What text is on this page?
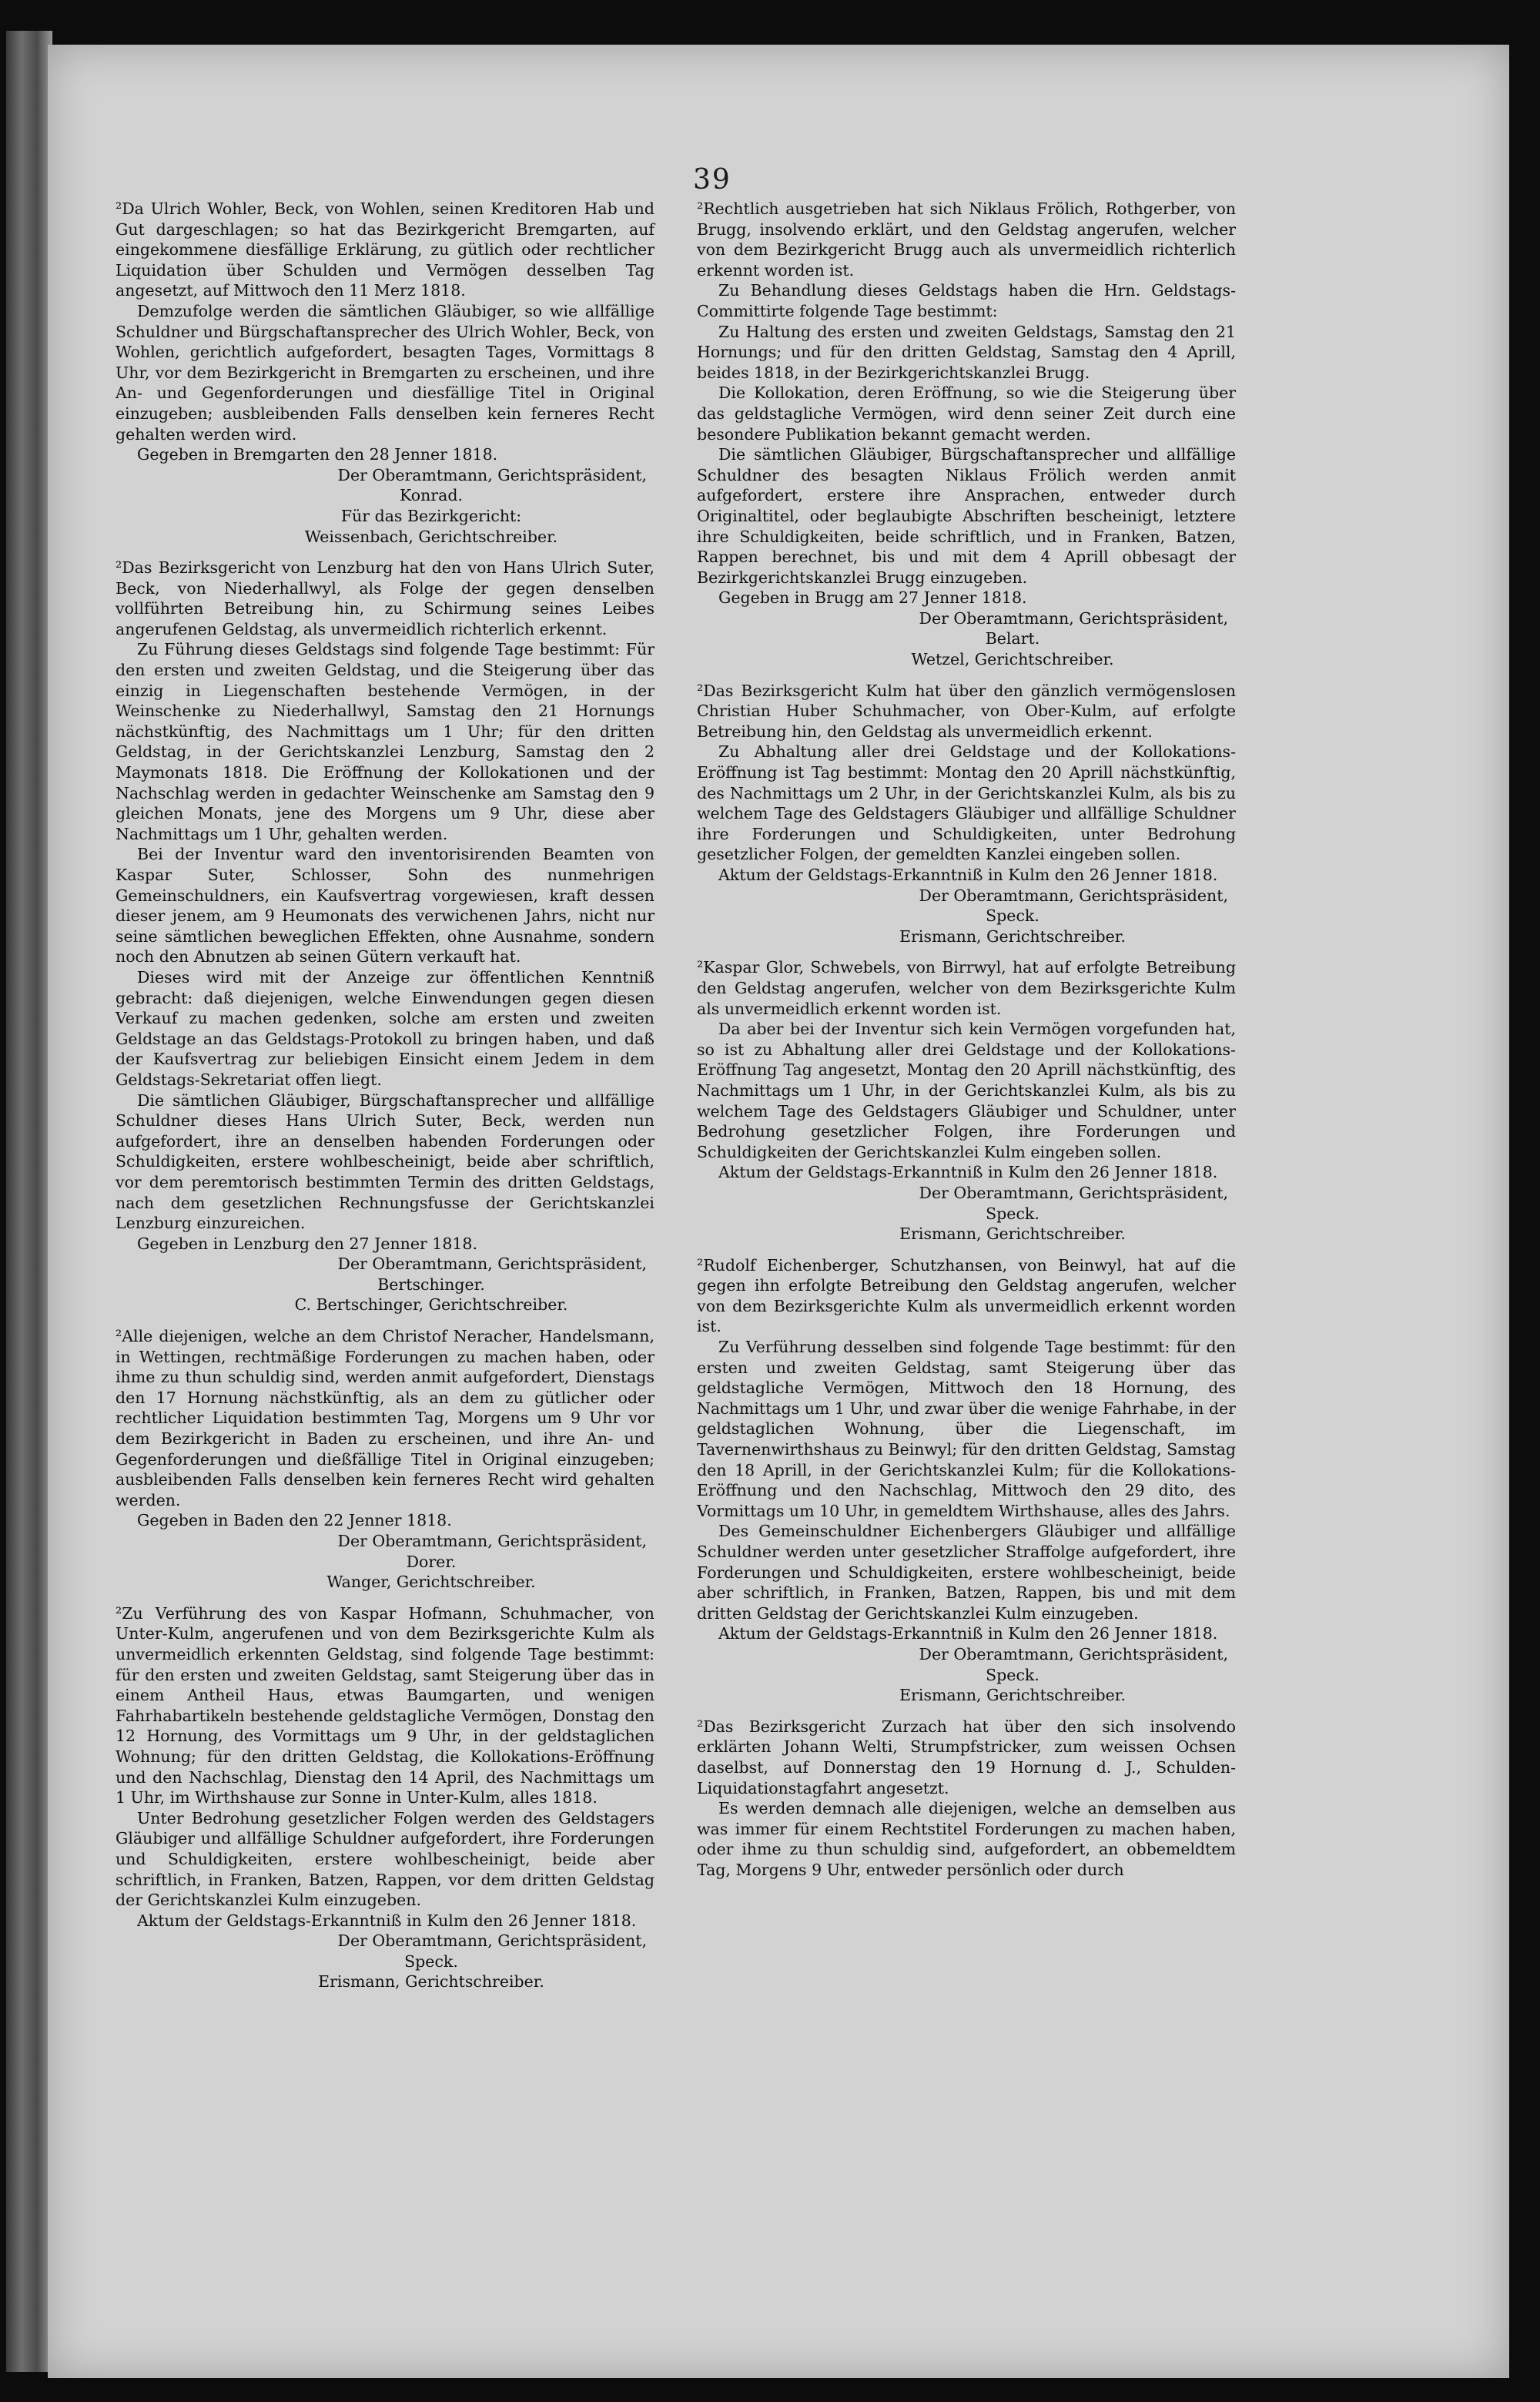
39

²Da Ulrich Wohler, Beck, von Wohlen, seinen Kreditoren Hab und Gut dargeschlagen; so hat das Bezirkgericht Bremgarten, auf eingekommene diesfällige Erklärung, zu gütlich oder rechtlicher Liquidation über Schulden und Vermögen desselben Tag angesetzt, auf Mittwoch den 11 Merz 1818.

Demzufolge werden die sämtlichen Gläubiger, so wie allfällige Schuldner und Bürgschaftansprecher des Ulrich Wohler, Beck, von Wohlen, gerichtlich aufgefordert, besagten Tages, Vormittags 8 Uhr, vor dem Bezirkgericht in Bremgarten zu erscheinen, und ihre An- und Gegenforderungen und diesfällige Titel in Original einzugeben; ausbleibenden Falls denselben kein ferneres Recht gehalten werden wird.

Gegeben in Bremgarten den 28 Jenner 1818.

Der Oberamtmann, Gerichtspräsident,

Konrad.

Für das Bezirkgericht:

Weissenbach, Gerichtschreiber.

²Das Bezirksgericht von Lenzburg hat den von Hans Ulrich Suter, Beck, von Niederhallwyl, als Folge der gegen denselben vollführten Betreibung hin, zu Schirmung seines Leibes angerufenen Geldstag, als unvermeidlich richterlich erkennt.

Zu Führung dieses Geldstags sind folgende Tage bestimmt: Für den ersten und zweiten Geldstag, und die Steigerung über das einzig in Liegenschaften bestehende Vermögen, in der Weinschenke zu Niederhallwyl, Samstag den 21 Hornungs nächstkünftig, des Nachmittags um 1 Uhr; für den dritten Geldstag, in der Gerichtskanzlei Lenzburg, Samstag den 2 Maymonats 1818. Die Eröffnung der Kollokationen und der Nachschlag werden in gedachter Weinschenke am Samstag den 9 gleichen Monats, jene des Morgens um 9 Uhr, diese aber Nachmittags um 1 Uhr, gehalten werden.

Bei der Inventur ward den inventorisirenden Beamten von Kaspar Suter, Schlosser, Sohn des nunmehrigen Gemeinschuldners, ein Kaufsvertrag vorgewiesen, kraft dessen dieser jenem, am 9 Heumonats des verwichenen Jahrs, nicht nur seine sämtlichen beweglichen Effekten, ohne Ausnahme, sondern noch den Abnutzen ab seinen Gütern verkauft hat.

Dieses wird mit der Anzeige zur öffentlichen Kenntniß gebracht: daß diejenigen, welche Einwendungen gegen diesen Verkauf zu machen gedenken, solche am ersten und zweiten Geldstage an das Geldstags-Protokoll zu bringen haben, und daß der Kaufsvertrag zur beliebigen Einsicht einem Jedem in dem Geldstags-Sekretariat offen liegt.

Die sämtlichen Gläubiger, Bürgschaftansprecher und allfällige Schuldner dieses Hans Ulrich Suter, Beck, werden nun aufgefordert, ihre an denselben habenden Forderungen oder Schuldigkeiten, erstere wohlbescheinigt, beide aber schriftlich, vor dem peremtorisch bestimmten Termin des dritten Geldstags, nach dem gesetzlichen Rechnungsfusse der Gerichtskanzlei Lenzburg einzureichen.

Gegeben in Lenzburg den 27 Jenner 1818.

Der Oberamtmann, Gerichtspräsident,

Bertschinger.

C. Bertschinger, Gerichtschreiber.

²Alle diejenigen, welche an dem Christof Neracher, Handelsmann, in Wettingen, rechtmäßige Forderungen zu machen haben, oder ihme zu thun schuldig sind, werden anmit aufgefordert, Dienstags den 17 Hornung nächstkünftig, als an dem zu gütlicher oder rechtlicher Liquidation bestimmten Tag, Morgens um 9 Uhr vor dem Bezirkgericht in Baden zu erscheinen, und ihre An- und Gegenforderungen und dießfällige Titel in Original einzugeben; ausbleibenden Falls denselben kein ferneres Recht wird gehalten werden.

Gegeben in Baden den 22 Jenner 1818.

Der Oberamtmann, Gerichtspräsident,

Dorer.

Wanger, Gerichtschreiber.

²Zu Verführung des von Kaspar Hofmann, Schuhmacher, von Unter-Kulm, angerufenen und von dem Bezirksgerichte Kulm als unvermeidlich erkennten Geldstag, sind folgende Tage bestimmt: für den ersten und zweiten Geldstag, samt Steigerung über das in einem Antheil Haus, etwas Baumgarten, und wenigen Fahrhabartikeln bestehende geldstagliche Vermögen, Donstag den 12 Hornung, des Vormittags um 9 Uhr, in der geldstaglichen Wohnung; für den dritten Geldstag, die Kollokations-Eröffnung und den Nachschlag, Dienstag den 14 April, des Nachmittags um 1 Uhr, im Wirthshause zur Sonne in Unter-Kulm, alles 1818.

Unter Bedrohung gesetzlicher Folgen werden des Geldstagers Gläubiger und allfällige Schuldner aufgefordert, ihre Forderungen und Schuldigkeiten, erstere wohlbescheinigt, beide aber schriftlich, in Franken, Batzen, Rappen, vor dem dritten Geldstag der Gerichtskanzlei Kulm einzugeben.

Aktum der Geldstags-Erkanntniß in Kulm den 26 Jenner 1818.

Der Oberamtmann, Gerichtspräsident,

Speck.

Erismann, Gerichtschreiber.

²Rechtlich ausgetrieben hat sich Niklaus Frölich, Rothgerber, von Brugg, insolvendo erklärt, und den Geldstag angerufen, welcher von dem Bezirkgericht Brugg auch als unvermeidlich richterlich erkennt worden ist.

Zu Behandlung dieses Geldstags haben die Hrn. Geldstags-Committirte folgende Tage bestimmt:

Zu Haltung des ersten und zweiten Geldstags, Samstag den 21 Hornungs; und für den dritten Geldstag, Samstag den 4 Aprill, beides 1818, in der Bezirkgerichtskanzlei Brugg.

Die Kollokation, deren Eröffnung, so wie die Steigerung über das geldstagliche Vermögen, wird denn seiner Zeit durch eine besondere Publikation bekannt gemacht werden.

Die sämtlichen Gläubiger, Bürgschaftansprecher und allfällige Schuldner des besagten Niklaus Frölich werden anmit aufgefordert, erstere ihre Ansprachen, entweder durch Originaltitel, oder beglaubigte Abschriften bescheinigt, letztere ihre Schuldigkeiten, beide schriftlich, und in Franken, Batzen, Rappen berechnet, bis und mit dem 4 Aprill obbesagt der Bezirkgerichtskanzlei Brugg einzugeben.

Gegeben in Brugg am 27 Jenner 1818.

Der Oberamtmann, Gerichtspräsident,

Belart.

Wetzel, Gerichtschreiber.

²Das Bezirksgericht Kulm hat über den gänzlich vermögenslosen Christian Huber Schuhmacher, von Ober-Kulm, auf erfolgte Betreibung hin, den Geldstag als unvermeidlich erkennt.

Zu Abhaltung aller drei Geldstage und der Kollokations-Eröffnung ist Tag bestimmt: Montag den 20 Aprill nächstkünftig, des Nachmittags um 2 Uhr, in der Gerichtskanzlei Kulm, als bis zu welchem Tage des Geldstagers Gläubiger und allfällige Schuldner ihre Forderungen und Schuldigkeiten, unter Bedrohung gesetzlicher Folgen, der gemeldten Kanzlei eingeben sollen.

Aktum der Geldstags-Erkanntniß in Kulm den 26 Jenner 1818.

Der Oberamtmann, Gerichtspräsident,

Speck.

Erismann, Gerichtschreiber.

²Kaspar Glor, Schwebels, von Birrwyl, hat auf erfolgte Betreibung den Geldstag angerufen, welcher von dem Bezirksgerichte Kulm als unvermeidlich erkennt worden ist.

Da aber bei der Inventur sich kein Vermögen vorgefunden hat, so ist zu Abhaltung aller drei Geldstage und der Kollokations-Eröffnung Tag angesetzt, Montag den 20 Aprill nächstkünftig, des Nachmittags um 1 Uhr, in der Gerichtskanzlei Kulm, als bis zu welchem Tage des Geldstagers Gläubiger und Schuldner, unter Bedrohung gesetzlicher Folgen, ihre Forderungen und Schuldigkeiten der Gerichtskanzlei Kulm eingeben sollen.

Aktum der Geldstags-Erkanntniß in Kulm den 26 Jenner 1818.

Der Oberamtmann, Gerichtspräsident,

Speck.

Erismann, Gerichtschreiber.

²Rudolf Eichenberger, Schutzhansen, von Beinwyl, hat auf die gegen ihn erfolgte Betreibung den Geldstag angerufen, welcher von dem Bezirksgerichte Kulm als unvermeidlich erkennt worden ist.

Zu Verführung desselben sind folgende Tage bestimmt: für den ersten und zweiten Geldstag, samt Steigerung über das geldstagliche Vermögen, Mittwoch den 18 Hornung, des Nachmittags um 1 Uhr, und zwar über die wenige Fahrhabe, in der geldstaglichen Wohnung, über die Liegenschaft, im Tavernenwirthshaus zu Beinwyl; für den dritten Geldstag, Samstag den 18 Aprill, in der Gerichtskanzlei Kulm; für die Kollokations-Eröffnung und den Nachschlag, Mittwoch den 29 dito, des Vormittags um 10 Uhr, in gemeldtem Wirthshause, alles des Jahrs.

Des Gemeinschuldner Eichenbergers Gläubiger und allfällige Schuldner werden unter gesetzlicher Straffolge aufgefordert, ihre Forderungen und Schuldigkeiten, erstere wohlbescheinigt, beide aber schriftlich, in Franken, Batzen, Rappen, bis und mit dem dritten Geldstag der Gerichtskanzlei Kulm einzugeben.

Aktum der Geldstags-Erkanntniß in Kulm den 26 Jenner 1818.

Der Oberamtmann, Gerichtspräsident,

Speck.

Erismann, Gerichtschreiber.

²Das Bezirksgericht Zurzach hat über den sich insolvendo erklärten Johann Welti, Strumpfstricker, zum weissen Ochsen daselbst, auf Donnerstag den 19 Hornung d. J., Schulden-Liquidationstagfahrt angesetzt.

Es werden demnach alle diejenigen, welche an demselben aus was immer für einem Rechtstitel Forderungen zu machen haben, oder ihme zu thun schuldig sind, aufgefordert, an obbemeldtem Tag, Morgens 9 Uhr, entweder persönlich oder durch
